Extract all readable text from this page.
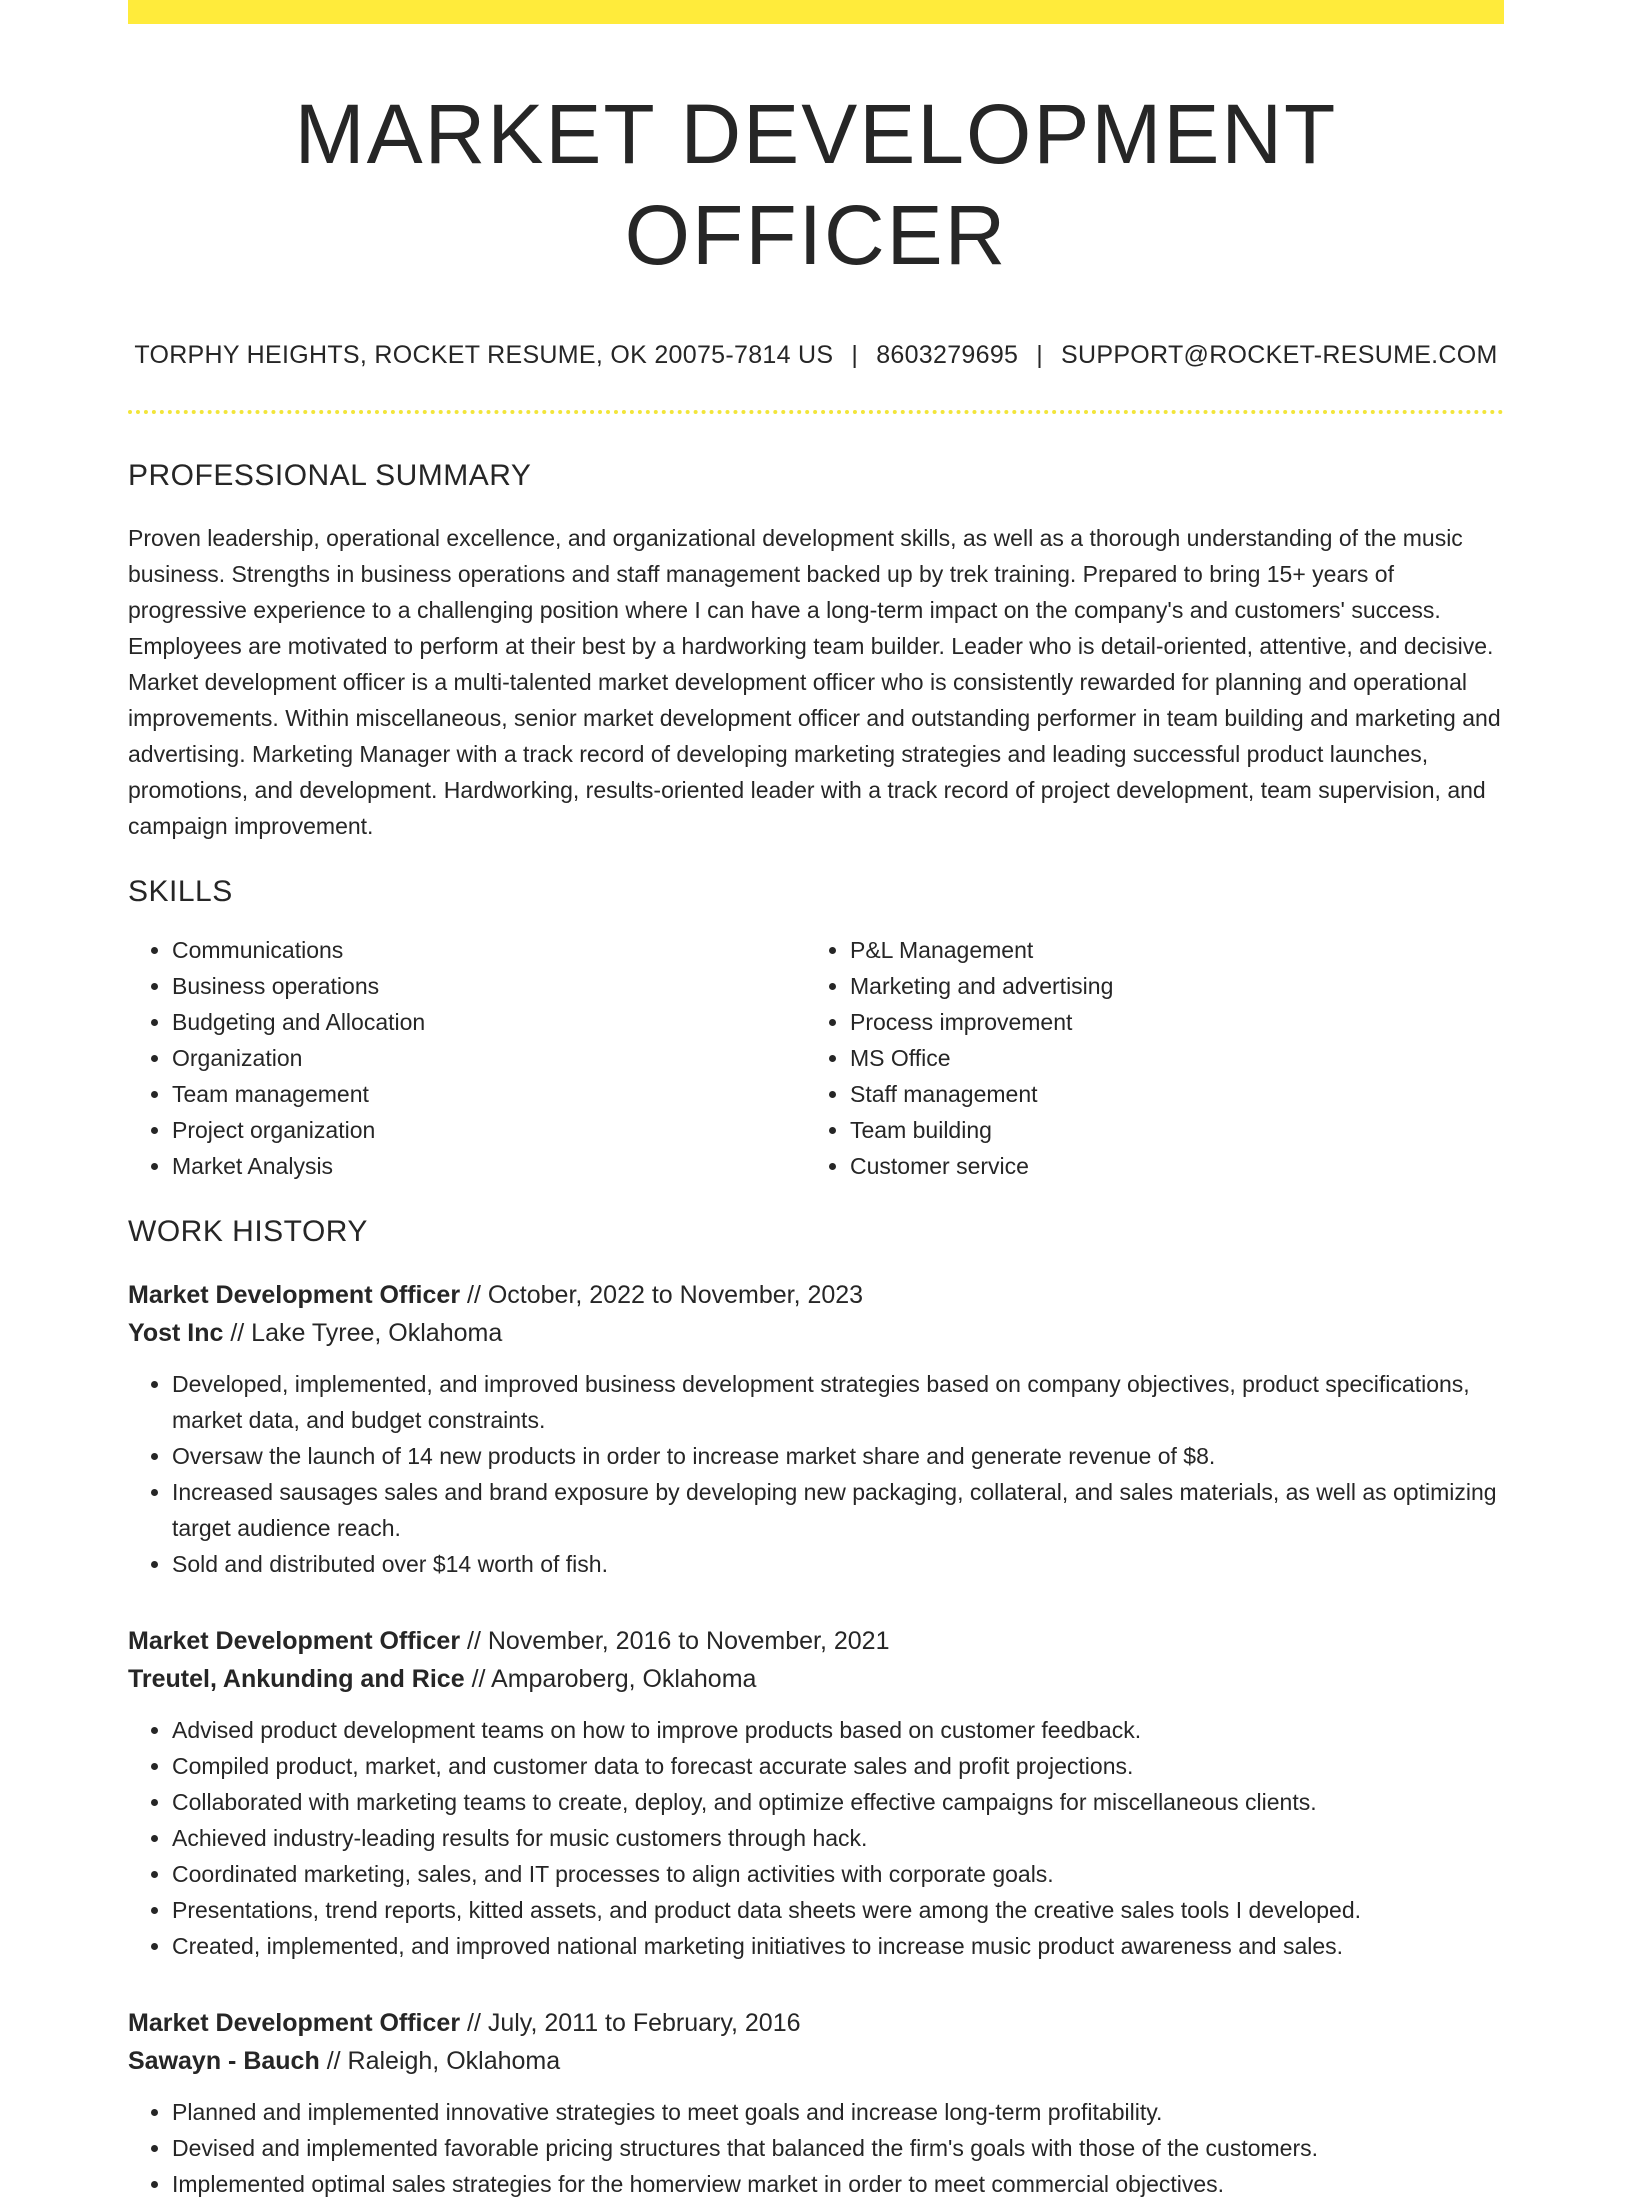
MARKET DEVELOPMENT OFFICER
TORPHY HEIGHTS, ROCKET RESUME, OK 20075-7814 US | 8603279695 | SUPPORT@ROCKET-RESUME.COM
PROFESSIONAL SUMMARY

Proven leadership, operational excellence, and organizational development skills, as well as a thorough understanding of the music business. Strengths in business operations and staff management backed up by trek training. Prepared to bring 15+ years of progressive experience to a challenging position where I can have a long-term impact on the company's and customers' success. Employees are motivated to perform at their best by a hardworking team builder. Leader who is detail-oriented, attentive, and decisive. Market development officer is a multi-talented market development officer who is consistently rewarded for planning and operational improvements. Within miscellaneous, senior market development officer and outstanding performer in team building and marketing and advertising. Marketing Manager with a track record of developing marketing strategies and leading successful product launches, promotions, and development. Hardworking, results-oriented leader with a track record of project development, team supervision, and campaign improvement.

SKILLS
• Communications
• Business operations
• Budgeting and Allocation
• Organization
• Team management
• Project organization
• Market Analysis
• P&L Management
• Marketing and advertising
• Process improvement
• MS Office
• Staff management
• Team building
• Customer service
WORK HISTORY
Market Development Officer // October, 2022 to November, 2023
Yost Inc // Lake Tyree, Oklahoma
• Developed, implemented, and improved business development strategies based on company objectives, product specifications, market data, and budget constraints.
• Oversaw the launch of 14 new products in order to increase market share and generate revenue of $8.
• Increased sausages sales and brand exposure by developing new packaging, collateral, and sales materials, as well as optimizing target audience reach.
• Sold and distributed over $14 worth of fish.
Market Development Officer // November, 2016 to November, 2021
Treutel, Ankunding and Rice // Amparoberg, Oklahoma
• Advised product development teams on how to improve products based on customer feedback.
• Compiled product, market, and customer data to forecast accurate sales and profit projections.
• Collaborated with marketing teams to create, deploy, and optimize effective campaigns for miscellaneous clients.
• Achieved industry-leading results for music customers through hack.
• Coordinated marketing, sales, and IT processes to align activities with corporate goals.
• Presentations, trend reports, kitted assets, and product data sheets were among the creative sales tools I developed.
• Created, implemented, and improved national marketing initiatives to increase music product awareness and sales.
Market Development Officer // July, 2011 to February, 2016
Sawayn - Bauch // Raleigh, Oklahoma
• Planned and implemented innovative strategies to meet goals and increase long-term profitability.
• Devised and implemented favorable pricing structures that balanced the firm's goals with those of the customers.
• Implemented optimal sales strategies for the homerview market in order to meet commercial objectives.
